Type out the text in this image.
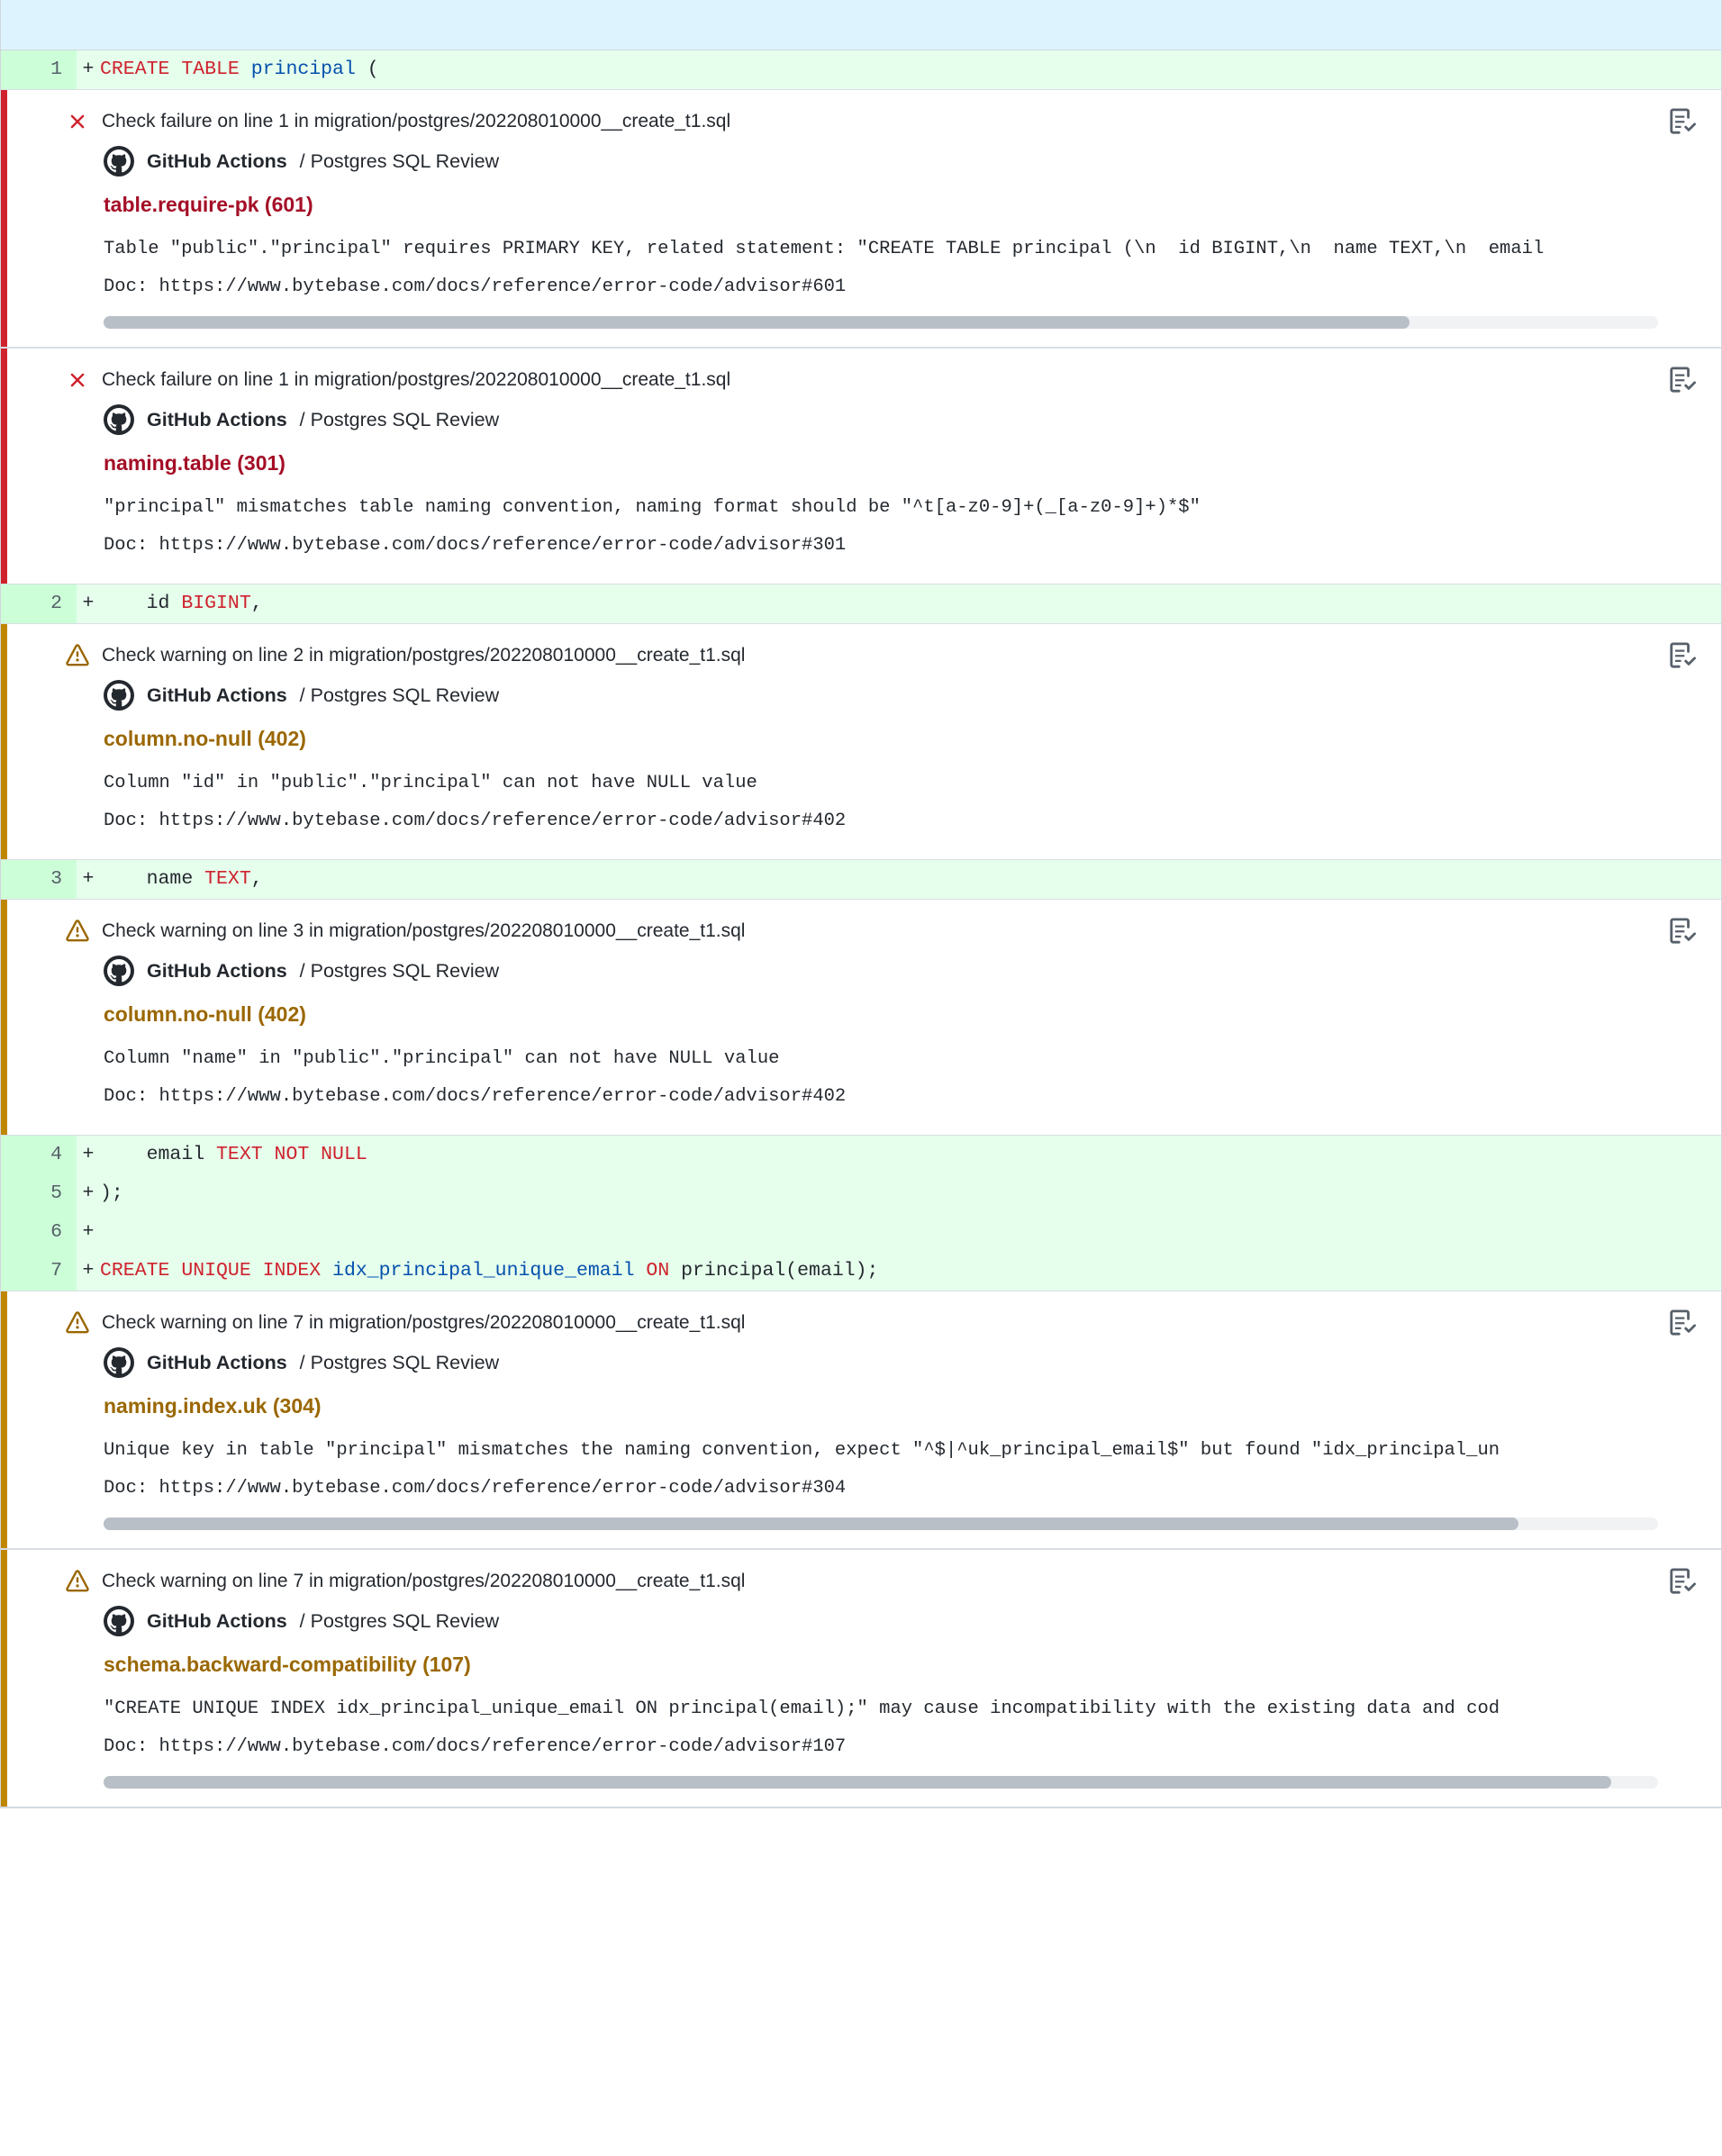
1	+ CREATE TABLE principal (
Check failure on line 1 in migration/postgres/202208010000__create_t1.sql
GitHub Actions / Postgres SQL Review
table.require-pk (601)
Table "public"."principal" requires PRIMARY KEY, related statement: "CREATE TABLE principal (\n  id BIGINT,\n  name TEXT,\n  email
Doc: https://www.bytebase.com/docs/reference/error-code/advisor#601
Check failure on line 1 in migration/postgres/202208010000__create_t1.sql
GitHub Actions / Postgres SQL Review
naming.table (301)
"principal" mismatches table naming convention, naming format should be "^t[a-z0-9]+(_[a-z0-9]+)*$"
Doc: https://www.bytebase.com/docs/reference/error-code/advisor#301
2	+ id BIGINT,
Check warning on line 2 in migration/postgres/202208010000__create_t1.sql
GitHub Actions / Postgres SQL Review
column.no-null (402)
Column "id" in "public"."principal" can not have NULL value
Doc: https://www.bytebase.com/docs/reference/error-code/advisor#402
3	+ name TEXT,
Check warning on line 3 in migration/postgres/202208010000__create_t1.sql
GitHub Actions / Postgres SQL Review
column.no-null (402)
Column "name" in "public"."principal" can not have NULL value
Doc: https://www.bytebase.com/docs/reference/error-code/advisor#402
4	+ email TEXT NOT NULL
5	+ );
6	+
7	+ CREATE UNIQUE INDEX idx_principal_unique_email ON principal(email);
Check warning on line 7 in migration/postgres/202208010000__create_t1.sql
GitHub Actions / Postgres SQL Review
naming.index.uk (304)
Unique key in table "principal" mismatches the naming convention, expect "^$|^uk_principal_email$" but found "idx_principal_un
Doc: https://www.bytebase.com/docs/reference/error-code/advisor#304
Check warning on line 7 in migration/postgres/202208010000__create_t1.sql
GitHub Actions / Postgres SQL Review
schema.backward-compatibility (107)
"CREATE UNIQUE INDEX idx_principal_unique_email ON principal(email);" may cause incompatibility with the existing data and cod
Doc: https://www.bytebase.com/docs/reference/error-code/advisor#107
